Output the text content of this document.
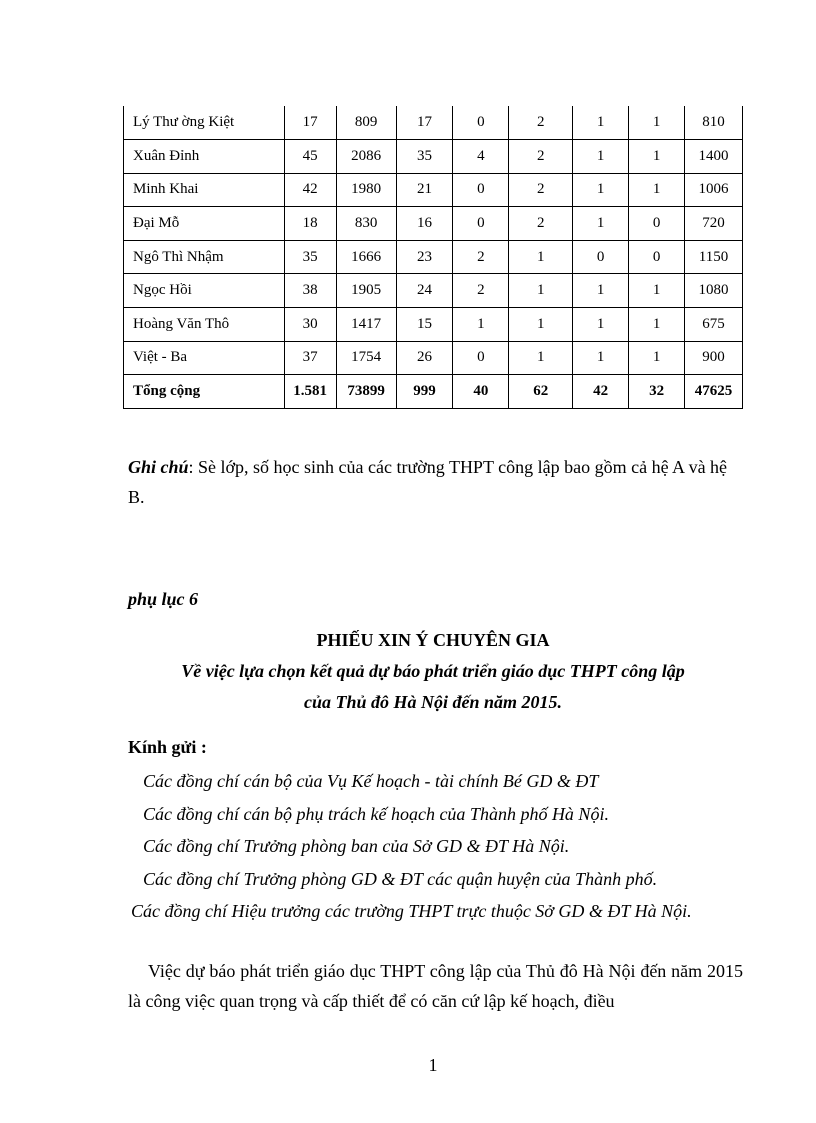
Lý Thư ờng Kiệt	17	809	17	0	2	1	1	810
Xuân Đỉnh	45	2086	35	4	2	1	1	1400
Minh Khai	42	1980	21	0	2	1	1	1006
Đại Mỗ	18	830	16	0	2	1	0	720
Ngô Thì Nhậm	35	1666	23	2	1	0	0	1150
Ngọc Hồi	38	1905	24	2	1	1	1	1080
Hoàng Văn Thô	30	1417	15	1	1	1	1	675
Việt - Ba	37	1754	26	0	1	1	1	900
Tổng cộng	1.581	73899	999	40	62	42	32	47625
Ghi chú: Sè lớp, số học sinh của các trường THPT công lập bao gồm cả hệ A và hệ B.
phụ lục 6
PHIẾU XIN Ý CHUYÊN GIA
Về việc lựa chọn kết quả dự báo phát triển giáo dục THPT công lập
của Thủ đô Hà Nội đến năm 2015.
Kính gửi :
Các đồng chí cán bộ của Vụ Kế hoạch - tài chính Bé GD & ĐT
Các đồng chí cán bộ phụ trách kế hoạch của Thành phố Hà Nội.
Các đồng chí Trưởng phòng ban của Sở GD & ĐT Hà Nội.
Các đồng chí Trưởng phòng GD & ĐT các quận huyện của Thành phố.
Các đồng chí Hiệu trưởng các trường THPT trực thuộc Sở GD & ĐT Hà Nội.
Việc dự báo phát triển giáo dục THPT công lập của Thủ đô Hà Nội đến năm 2015 là công việc quan trọng và cấp thiết để có căn cứ lập kế hoạch, điều
1
